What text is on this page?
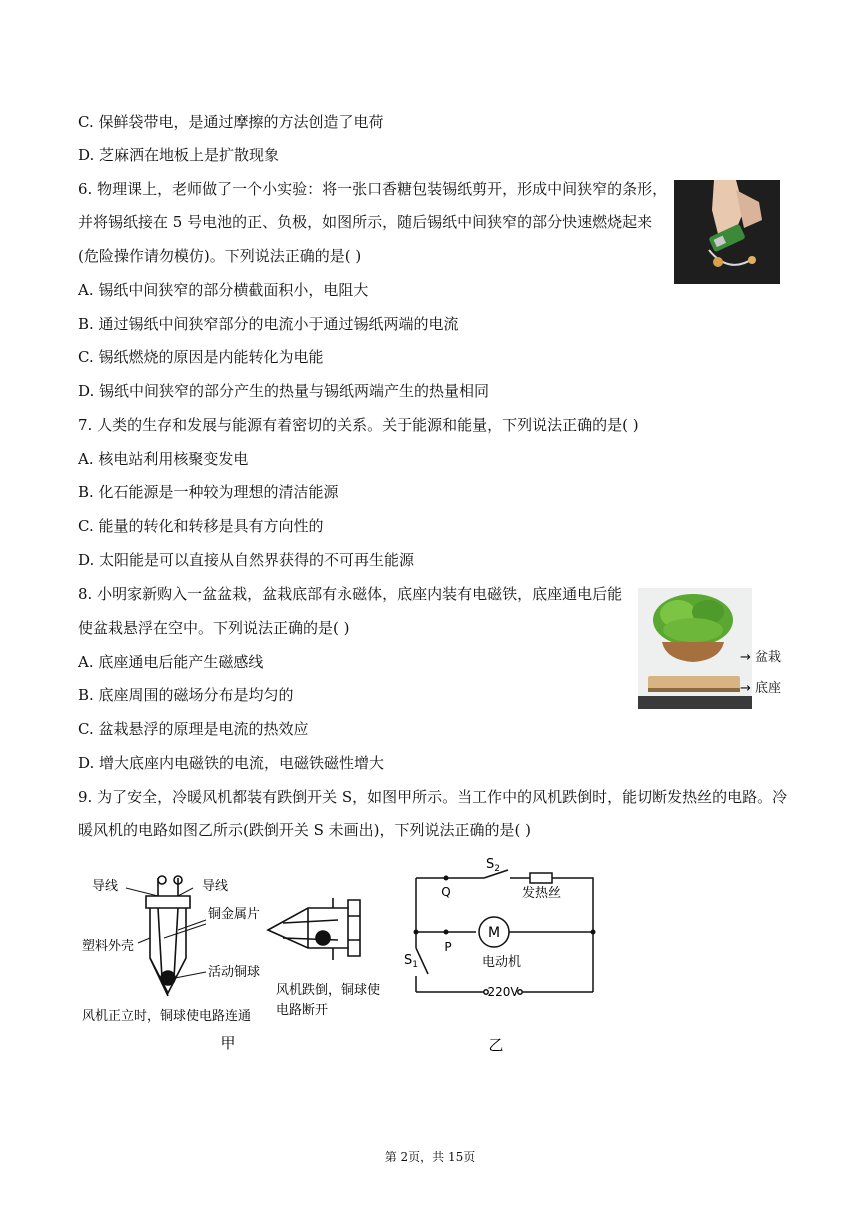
C. 保鲜袋带电，是通过摩擦的方法创造了电荷
D. 芝麻洒在地板上是扩散现象
6. 物理课上，老师做了一个小实验：将一张口香糖包装锡纸剪开，形成中间狭窄的条形，
并将锡纸接在 5 号电池的正、负极，如图所示，随后锡纸中间狭窄的部分快速燃烧起来
(危险操作请勿模仿)。下列说法正确的是( )
A. 锡纸中间狭窄的部分横截面积小，电阻大
B. 通过锡纸中间狭窄部分的电流小于通过锡纸两端的电流
C. 锡纸燃烧的原因是内能转化为电能
D. 锡纸中间狭窄的部分产生的热量与锡纸两端产生的热量相同
7. 人类的生存和发展与能源有着密切的关系。关于能源和能量，下列说法正确的是( )
A. 核电站利用核聚变发电
B. 化石能源是一种较为理想的清洁能源
C. 能量的转化和转移是具有方向性的
D. 太阳能是可以直接从自然界获得的不可再生能源
8. 小明家新购入一盆盆栽，盆栽底部有永磁体，底座内装有电磁铁，底座通电后能
使盆栽悬浮在空中。下列说法正确的是( )
A. 底座通电后能产生磁感线
B. 底座周围的磁场分布是均匀的
C. 盆栽悬浮的原理是电流的热效应
D. 增大底座内电磁铁的电流，电磁铁磁性增大
9. 为了安全，冷暖风机都装有跌倒开关 S，如图甲所示。当工作中的风机跌倒时，能切断发热丝的电路。冷
暖风机的电路如图乙所示(跌倒开关 S 未画出)，下列说法正确的是( )
→ 盆栽
→ 底座
导线	导线
铜金属片
塑料外壳
活动铜球
风机跌倒，铜球使
电路断开
风机正立时，铜球使电路连通
甲
$S_2$
发热丝
Q
P
M
电动机
$S_1$
220V
乙
第 2页，共 15页
